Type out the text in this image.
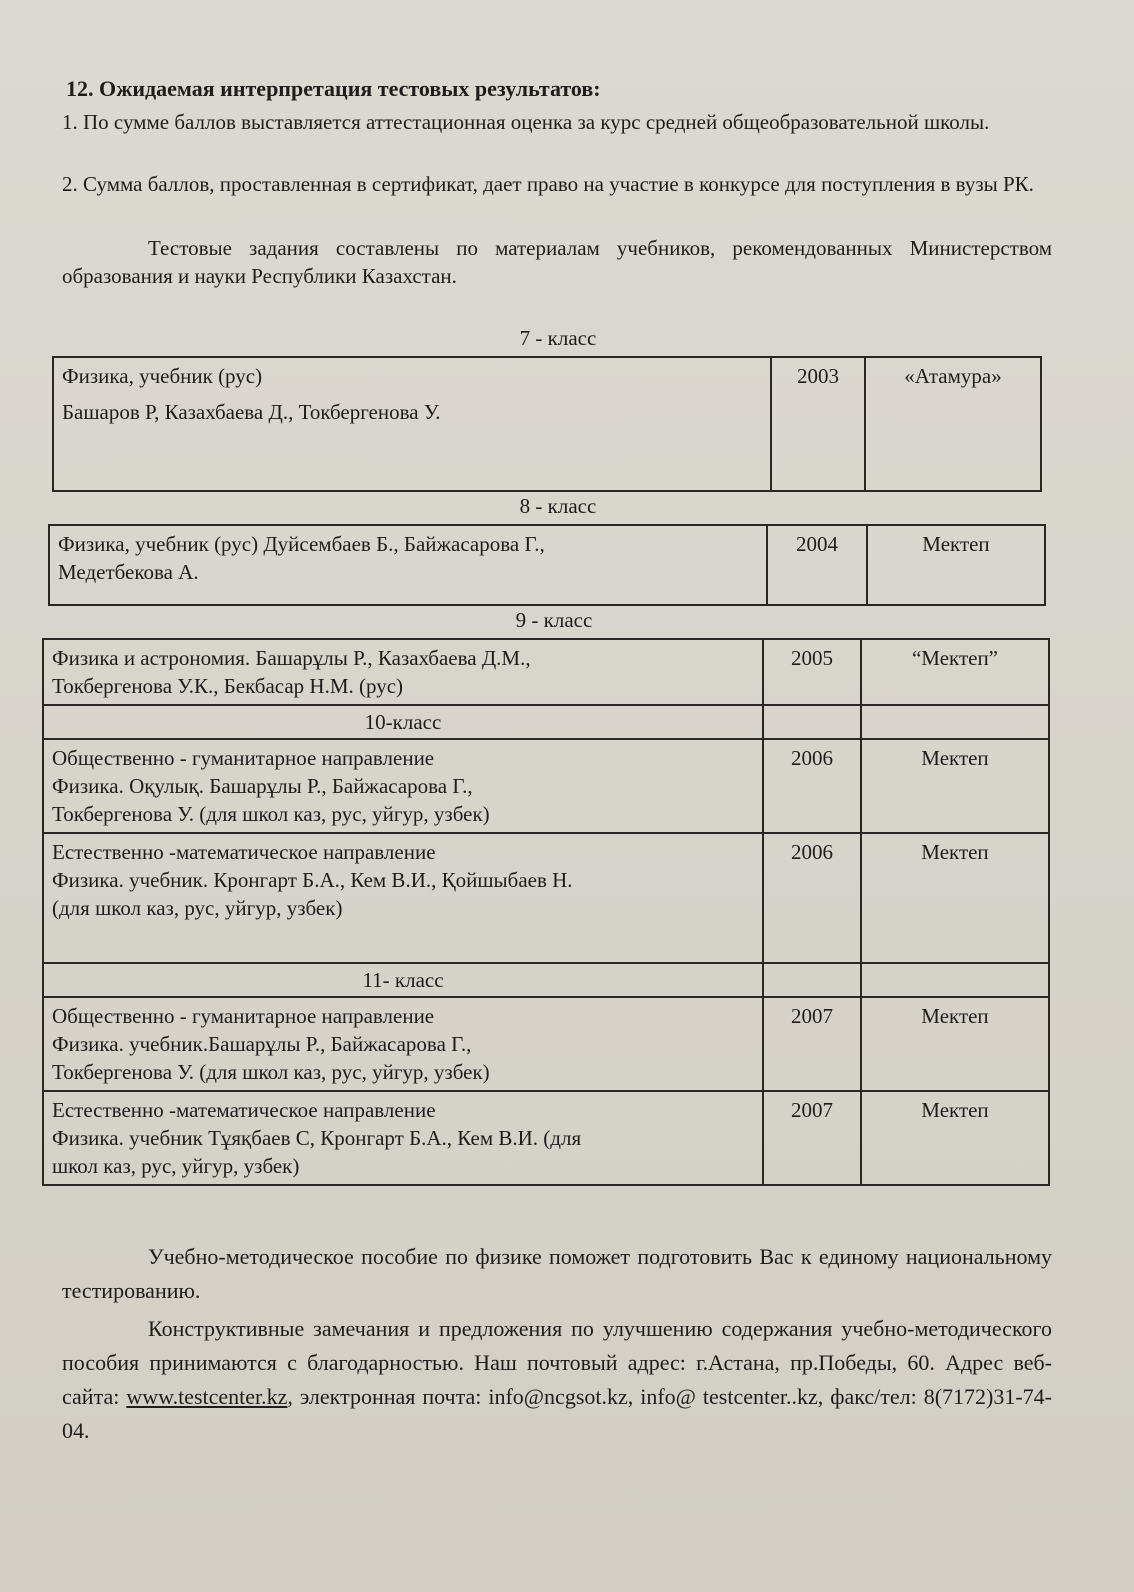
12. Ожидаемая интерпретация тестовых результатов:

1. По сумме баллов выставляется аттестационная оценка за курс средней общеобразовательной школы.

2. Сумма баллов, проставленная в сертификат, дает право на участие в конкурсе для поступления в вузы РК.

Тестовые задания составлены по материалам учебников, рекомендованных Министерством образования и науки Республики Казахстан.

7 - класс
Физика, учебник (рус)
Башаров Р, Казахбаева Д., Токбергенова У.
	2003	«Атамура»
8 - класс
Физика, учебник (рус) Дуйсембаев Б., Байжасарова Г.,
Медетбекова А.
	2004	Мектеп
9 - класс
Физика и астрономия. Башарұлы Р., Казахбаева Д.М.,
Токбергенова У.К., Бекбасар Н.М. (рус)	2005	“Мектеп”
10-класс		

Общественно - гуманитарное направление
Физика. Оқулық. Башарұлы Р., Байжасарова Г.,
Токбергенова У. (для школ каз, рус, уйгур, узбек)	2006	Мектеп

Естественно -математическое направление
Физика. учебник. Кронгарт Б.А., Кем В.И., Қойшыбаев Н.
(для школ каз, рус, уйгур, узбек)	2006	Мектеп
11- класс		

Общественно - гуманитарное направление
Физика. учебник.Башарұлы Р., Байжасарова Г.,
Токбергенова У. (для школ каз, рус, уйгур, узбек)	2007	Мектеп

Естественно -математическое направление
Физика. учебник Тұяқбаев С, Кронгарт Б.А., Кем В.И. (для
школ каз, рус, уйгур, узбек)	2007	Мектеп

Учебно-методическое пособие по физике поможет подготовить Вас к единому национальному тестированию.

Конструктивные замечания и предложения по улучшению содержания учебно-методического пособия принимаются с благодарностью. Наш почтовый адрес: г.Астана, пр.Победы, 60. Адрес веб-сайта: www.testcenter.kz, электронная почта: info@ncgsot.kz, info@ testcenter..kz, факс/тел: 8(7172)31-74-04.
